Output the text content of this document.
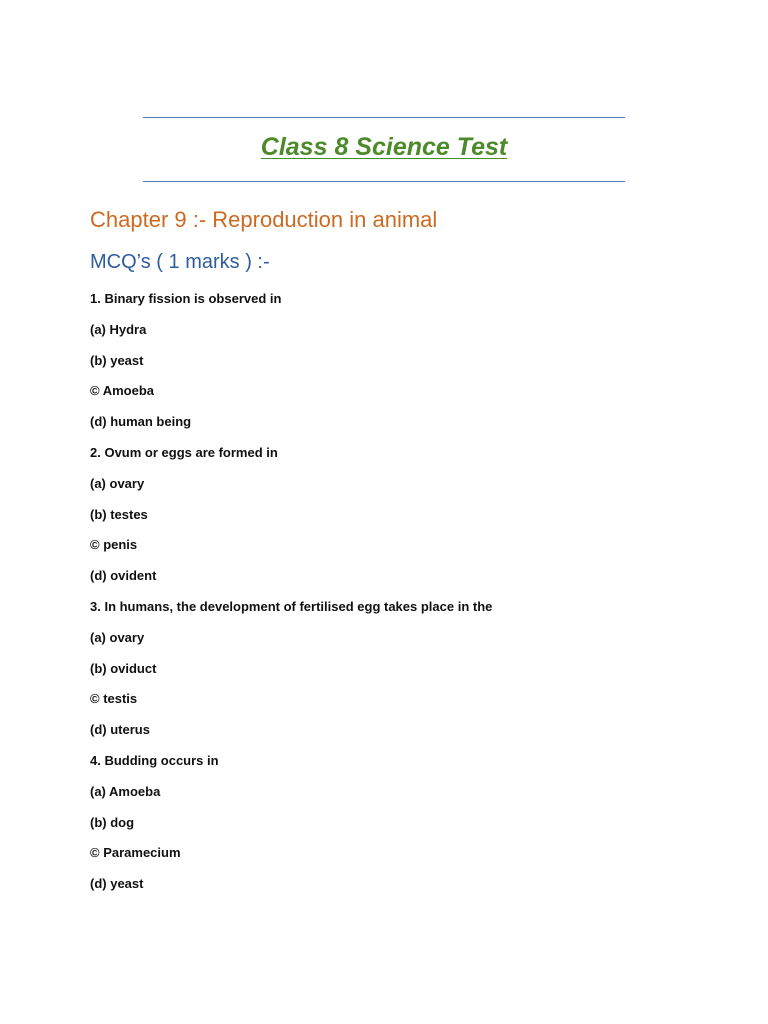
Class 8 Science Test
Chapter 9 :- Reproduction in animal
MCQ’s ( 1 marks ) :-
1. Binary fission is observed in
(a) Hydra
(b) yeast
© Amoeba
(d) human being
2. Ovum or eggs are formed in
(a) ovary
(b) testes
© penis
(d) ovident
3. In humans, the development of fertilised egg takes place in the
(a) ovary
(b) oviduct
© testis
(d) uterus
4. Budding occurs in
(a) Amoeba
(b) dog
© Paramecium
(d) yeast
